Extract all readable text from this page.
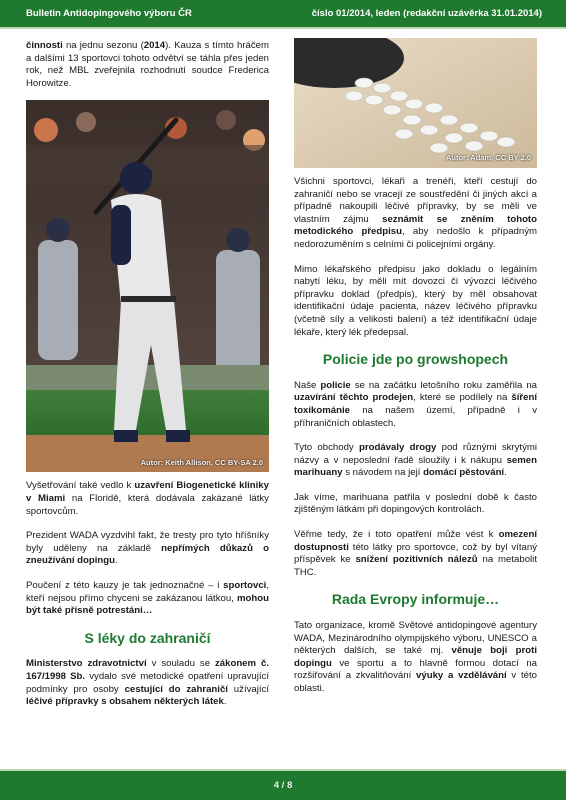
Bulletin Antidopingového výboru ČR	číslo 01/2014, leden (redakční uzávěrka 31.01.2014)

činnosti na jednu sezonu (2014). Kauza s tímto hráčem a dalšími 13 sportovci tohoto odvětví se táhla přes jeden rok, než MBL zveřejnila rozhodnutí soudce Frederica Horowitze.

Autor: Keith Allison, CC BY-SA 2.0

Vyšetřování také vedlo k uzavření Biogenetické kliniky v Miami na Floridě, která dodávala zakázané látky sportovcům.

Prezident WADA vyzdvihl fakt, že tresty pro tyto hříšníky byly uděleny na základě nepřímých důkazů o zneužívání dopingu.

Poučení z této kauzy je tak jednoznačné – i sportovci, kteří nejsou přímo chyceni se zakázanou látkou, mohou být také přísně potrestáni…

S léky do zahraničí

Ministerstvo zdravotnictví v souladu se zákonem č. 167/1998 Sb. vydalo své metodické opatření upravující podmínky pro osoby cestující do zahraničí užívající léčivé přípravky s obsahem některých látek.

Autor: Adam, CC BY 2.0

Všichni sportovci, lékaři a trenéři, kteří cestují do zahraničí nebo se vracejí ze soustředění či jiných akcí a případně nakoupili léčivé přípravky, by se měli ve vlastním zájmu seznámit se zněním tohoto metodického předpisu, aby nedošlo k případným nedorozuměním s celními či policejními orgány.

Mimo lékařského předpisu jako dokladu o legálním nabytí léku, by měli mít dovozci či vývozci léčivého přípravku doklad (předpis), který by měl obsahovat identifikační údaje pacienta, název léčivého přípravku (včetně síly a velikosti balení) a též identifikační údaje lékaře, který lék předepsal.

Policie jde po growshopech

Naše policie se na začátku letošního roku zaměřila na uzavírání těchto prodejen, které se podílely na šíření toxikománie na našem území, případně i v příhraničních oblastech.

Tyto obchody prodávaly drogy pod různými skrytými názvy a v neposlední řadě sloužily i k nákupu semen marihuany s návodem na její domácí pěstování.

Jak víme, marihuana patřila v poslední době k často zjištěným látkám při dopingových kontrolách.

Věřme tedy, že i toto opatření může vést k omezení dostupnosti této látky pro sportovce, což by byl vítaný příspěvek ke snížení pozitivních nálezů na metabolit THC.

Rada Evropy informuje…

Tato organizace, kromě Světové antidopingové agentury WADA, Mezinárodního olympijského výboru, UNESCO a některých dalších, se také mj. věnuje boji proti dopingu ve sportu a to hlavně formou dotací na rozšiřování a zkvalitňování výuky a vzdělávání v této oblasti.

4 / 8
